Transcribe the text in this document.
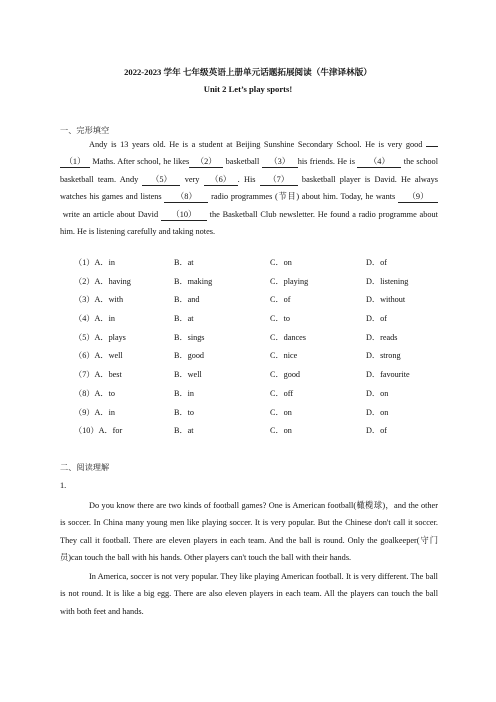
2022-2023 学年 七年级英语上册单元话题拓展阅读（牛津译林版）
Unit 2 Let’s play sports!
一、完形填空
Andy is 13 years old. He is a student at Beijing Sunshine Secondary School. He is very good  （1） Maths. After school, he likes （2） basketball （3） his friends. He is （4） the school basketball team. Andy （5） very （6） . His （7） basketball player is David. He always watches his games and listens （8） radio programmes (节目) about him. Today, he wants （9） write an article about David （10） the Basketball Club newsletter. He found a radio programme about him. He is listening carefully and taking notes.
（1）A．in	B．at	C．on	D．of
（2）A．having	B．making	C．playing	D．listening
（3）A．with	B．and	C．of	D．without
（4）A．in	B．at	C．to	D．of
（5）A．plays	B．sings	C．dances	D．reads
（6）A．well	B．good	C．nice	D．strong
（7）A．best	B．well	C．good	D．favourite
（8）A．to	B．in	C．off	D．on
（9）A．in	B．to	C．on	D．on
（10）A．for	B．at	C．on	D．of
二、阅读理解
1.
Do you know there are two kinds of football games? One is American football(橄榄球)，and the other is soccer. In China many young men like playing soccer. It is very popular. But the Chinese don't call it soccer. They call it football. There are eleven players in each team. And the ball is round. Only the goalkeeper(守门员)can touch the ball with his hands. Other players can't touch the ball with their hands.
In America, soccer is not very popular. They like playing American football. It is very different. The ball is not round. It is like a big egg. There are also eleven players in each team. All the players can touch the ball with both feet and hands.
